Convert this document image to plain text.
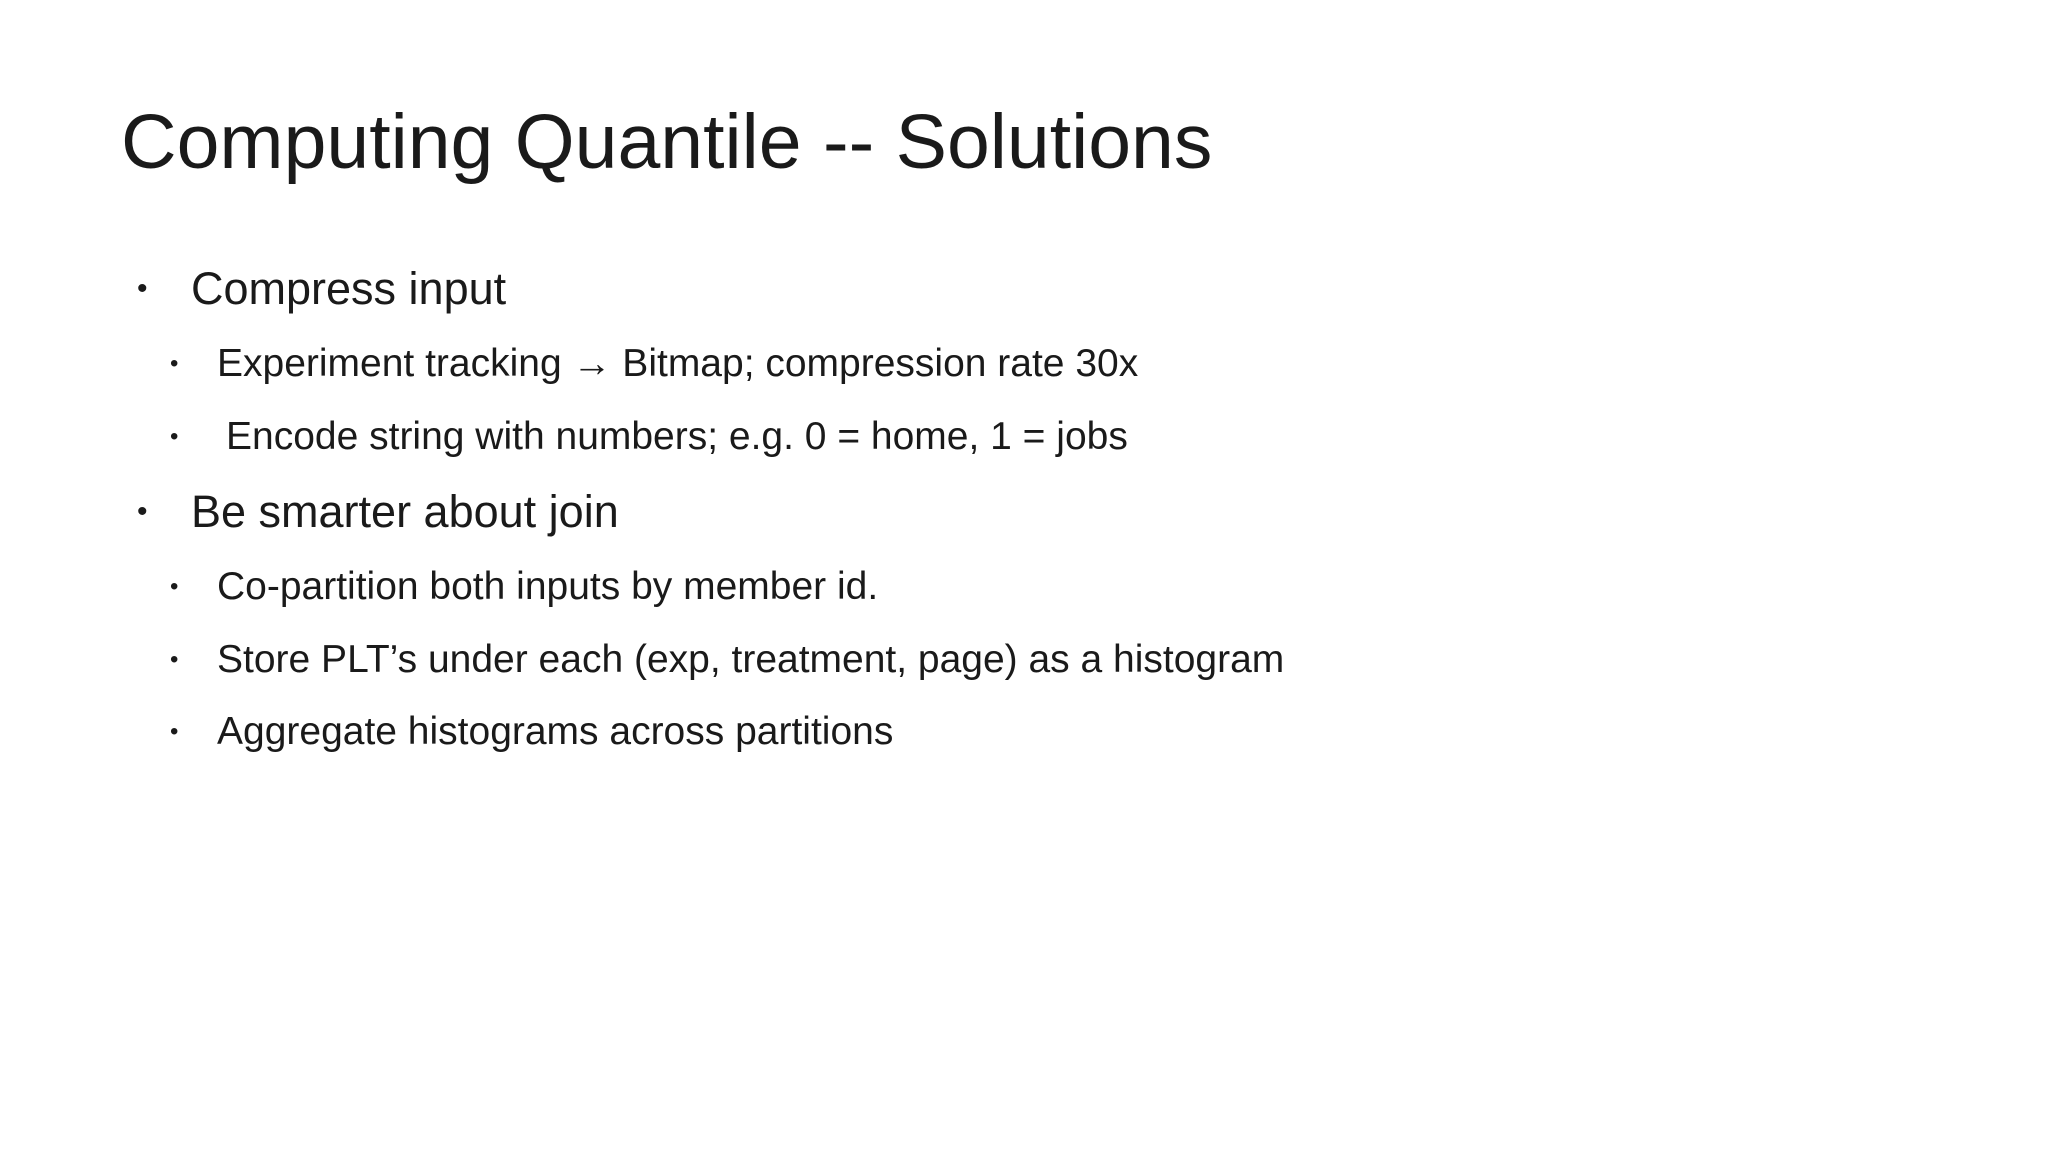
Computing Quantile -- Solutions
• Compress input
• Experiment tracking → Bitmap; compression rate 30x
• Encode string with numbers; e.g. 0 = home, 1 = jobs
• Be smarter about join
• Co-partition both inputs by member id.
• Store PLT’s under each (exp, treatment, page) as a histogram
• Aggregate histograms across partitions
